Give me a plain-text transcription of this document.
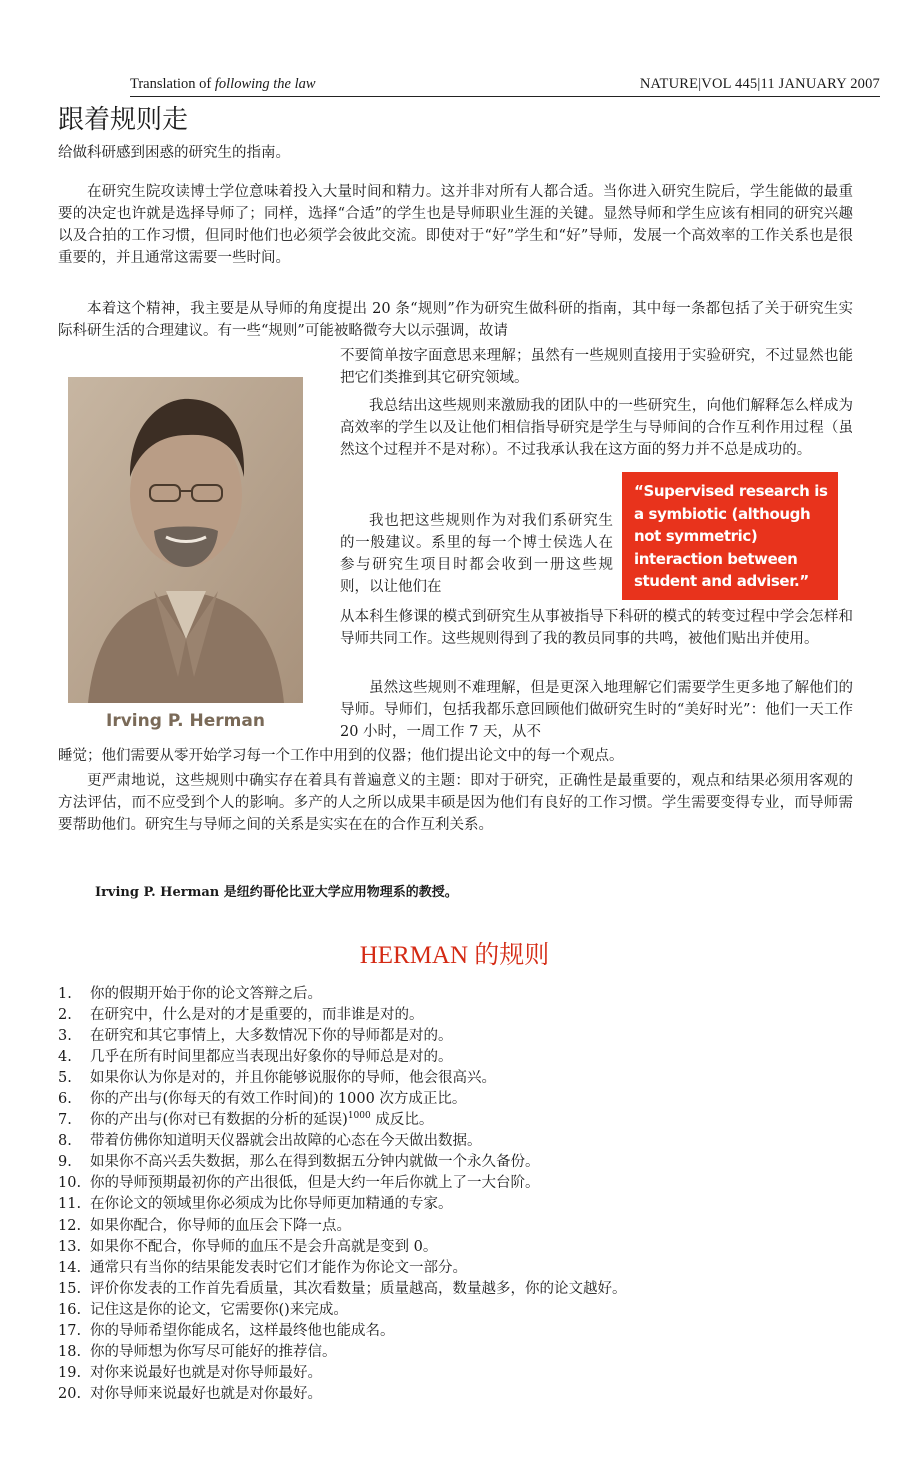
Translation of following the law	NATURE|VOL 445|11 JANUARY 2007
跟着规则走

给做科研感到困惑的研究生的指南。

在研究生院攻读博士学位意味着投入大量时间和精力。这并非对所有人都合适。当你进入研究生院后，学生能做的最重要的决定也许就是选择导师了；同样，选择“合适”的学生也是导师职业生涯的关键。显然导师和学生应该有相同的研究兴趣以及合拍的工作习惯，但同时他们也必须学会彼此交流。即使对于“好”学生和“好”导师，发展一个高效率的工作关系也是很重要的，并且通常这需要一些时间。

本着这个精神，我主要是从导师的角度提出 20 条“规则”作为研究生做科研的指南，其中每一条都包括了关于研究生实际科研生活的合理建议。有一些“规则”可能被略微夸大以示强调，故请

不要简单按字面意思来理解；虽然有一些规则直接用于实验研究，不过显然也能把它们类推到其它研究领域。

我总结出这些规则来激励我的团队中的一些研究生，向他们解释怎么样成为高效率的学生以及让他们相信指导研究是学生与导师间的合作互利作用过程（虽然这个过程并不是对称）。不过我承认我在这方面的努力并不总是成功的。

我也把这些规则作为对我们系研究生的一般建议。系里的每一个博士侯选人在参与研究生项目时都会收到一册这些规则，以让他们在

从本科生修课的模式到研究生从事被指导下科研的模式的转变过程中学会怎样和导师共同工作。这些规则得到了我的教员同事的共鸣，被他们贴出并使用。

虽然这些规则不难理解，但是更深入地理解它们需要学生更多地了解他们的导师。导师们，包括我都乐意回顾他们做研究生时的“美好时光”：他们一天工作 20 小时，一周工作 7 天，从不

睡觉；他们需要从零开始学习每一个工作中用到的仪器；他们提出论文中的每一个观点。

更严肃地说，这些规则中确实存在着具有普遍意义的主题：即对于研究，正确性是最重要的，观点和结果必须用客观的方法评估，而不应受到个人的影响。多产的人之所以成果丰硕是因为他们有良好的工作习惯。学生需要变得专业，而导师需要帮助他们。研究生与导师之间的关系是实实在在的合作互利关系。

Irving P. Herman
“Supervised research is a symbiotic (although not symmetric) interaction between student and adviser.”

Irving P. Herman 是纽约哥伦比亚大学应用物理系的教授。

HERMAN 的规则
1.	你的假期开始于你的论文答辩之后。
2.	在研究中，什么是对的才是重要的，而非谁是对的。
3.	在研究和其它事情上，大多数情况下你的导师都是对的。
4.	几乎在所有时间里都应当表现出好象你的导师总是对的。
5.	如果你认为你是对的，并且你能够说服你的导师，他会很高兴。
6.	你的产出与(你每天的有效工作时间)的 1000 次方成正比。
7.	你的产出与(你对已有数据的分析的延误)$^{1000}$ 成反比。
8.	带着仿佛你知道明天仪器就会出故障的心态在今天做出数据。
9.	如果你不高兴丢失数据，那么在得到数据五分钟内就做一个永久备份。
10. 你的导师预期最初你的产出很低，但是大约一年后你就上了一大台阶。
11. 在你论文的领域里你必须成为比你导师更加精通的专家。
12. 如果你配合，你导师的血压会下降一点。
13. 如果你不配合，你导师的血压不是会升高就是变到 0。
14. 通常只有当你的结果能发表时它们才能作为你论文一部分。
15. 评价你发表的工作首先看质量，其次看数量；质量越高，数量越多，你的论文越好。
16. 记住这是你的论文，它需要你()来完成。
17. 你的导师希望你能成名，这样最终他也能成名。
18. 你的导师想为你写尽可能好的推荐信。
19. 对你来说最好也就是对你导师最好。
20. 对你导师来说最好也就是对你最好。
